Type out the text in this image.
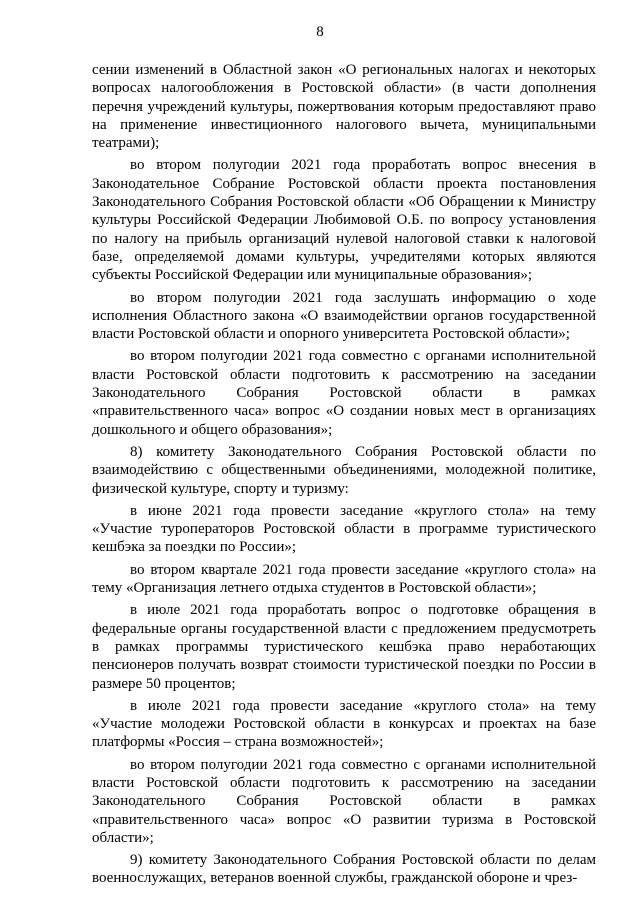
8

сении изменений в Областной закон «О региональных налогах и некоторых вопросах налогообложения в Ростовской области» (в части дополнения перечня учреждений культуры, пожертвования которым предоставляют право на применение инвестиционного налогового вычета, муниципальными театрами);

во втором полугодии 2021 года проработать вопрос внесения в Законодательное Собрание Ростовской области проекта постановления Законодательного Собрания Ростовской области «Об Обращении к Министру культуры Российской Федерации Любимовой О.Б. по вопросу установления по налогу на прибыль организаций нулевой налоговой ставки к налоговой базе, определяемой домами культуры, учредителями которых являются субъекты Российской Федерации или муниципальные образования»;

во втором полугодии 2021 года заслушать информацию о ходе исполнения Областного закона «О взаимодействии органов государственной власти Ростовской области и опорного университета Ростовской области»;

во втором полугодии 2021 года совместно с органами исполнительной власти Ростовской области подготовить к рассмотрению на заседании Законодательного Собрания Ростовской области в рамках «правительственного часа» вопрос «О создании новых мест в организациях дошкольного и общего образования»;

8) комитету Законодательного Собрания Ростовской области по взаимодействию с общественными объединениями, молодежной политике, физической культуре, спорту и туризму:

в июне 2021 года провести заседание «круглого стола» на тему «Участие туроператоров Ростовской области в программе туристического кешбэка за поездки по России»;

во втором квартале 2021 года провести заседание «круглого стола» на тему «Организация летнего отдыха студентов в Ростовской области»;

в июле 2021 года проработать вопрос о подготовке обращения в федеральные органы государственной власти с предложением предусмотреть в рамках программы туристического кешбэка право неработающих пенсионеров получать возврат стоимости туристической поездки по России в размере 50 процентов;

в июле 2021 года провести заседание «круглого стола» на тему «Участие молодежи Ростовской области в конкурсах и проектах на базе платформы «Россия – страна возможностей»;

во втором полугодии 2021 года совместно с органами исполнительной власти Ростовской области подготовить к рассмотрению на заседании Законодательного Собрания Ростовской области в рамках «правительственного часа» вопрос «О развитии туризма в Ростовской области»;

9) комитету Законодательного Собрания Ростовской области по делам военнослужащих, ветеранов военной службы, гражданской обороне и чрез-
